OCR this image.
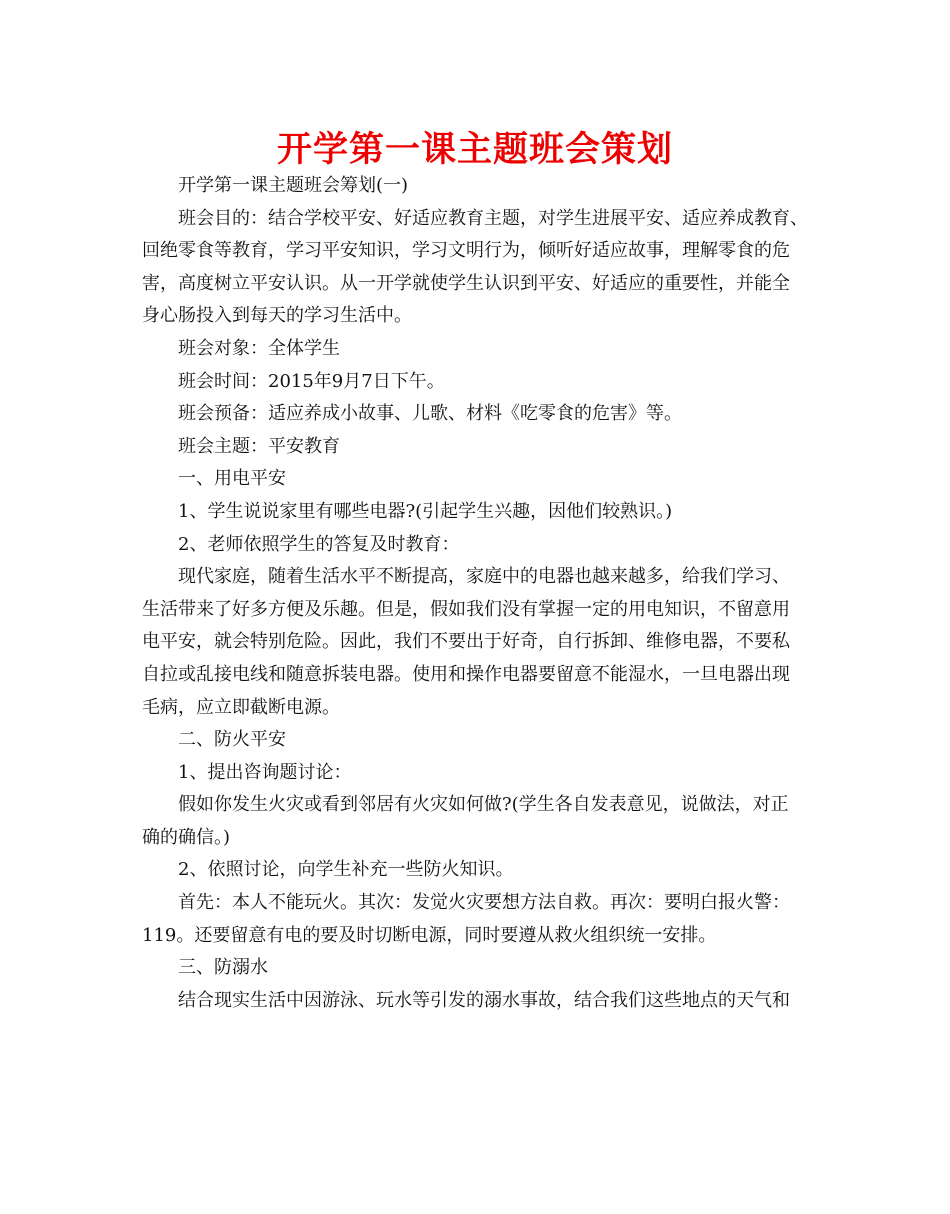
开学第一课主题班会策划
开学第一课主题班会筹划(一)
班会目的：结合学校平安、好适应教育主题，对学生进展平安、适应养成教育、
回绝零食等教育，学习平安知识，学习文明行为，倾听好适应故事，理解零食的危
害，高度树立平安认识。从一开学就使学生认识到平安、好适应的重要性，并能全
身心肠投入到每天的学习生活中。
班会对象：全体学生
班会时间：2015年9月7日下午。
班会预备：适应养成小故事、儿歌、材料《吃零食的危害》等。
班会主题：平安教育
一、用电平安
1、学生说说家里有哪些电器?(引起学生兴趣，因他们较熟识。)
2、老师依照学生的答复及时教育：
现代家庭，随着生活水平不断提高，家庭中的电器也越来越多，给我们学习、
生活带来了好多方便及乐趣。但是，假如我们没有掌握一定的用电知识，不留意用
电平安，就会特别危险。因此，我们不要出于好奇，自行拆卸、维修电器，不要私
自拉或乱接电线和随意拆装电器。使用和操作电器要留意不能湿水，一旦电器出现
毛病，应立即截断电源。
二、防火平安
1、提出咨询题讨论：
假如你发生火灾或看到邻居有火灾如何做?(学生各自发表意见，说做法，对正
确的确信。)
2、依照讨论，向学生补充一些防火知识。
首先：本人不能玩火。其次：发觉火灾要想方法自救。再次：要明白报火警：
119。还要留意有电的要及时切断电源，同时要遵从救火组织统一安排。
三、防溺水
结合现实生活中因游泳、玩水等引发的溺水事故，结合我们这些地点的天气和
